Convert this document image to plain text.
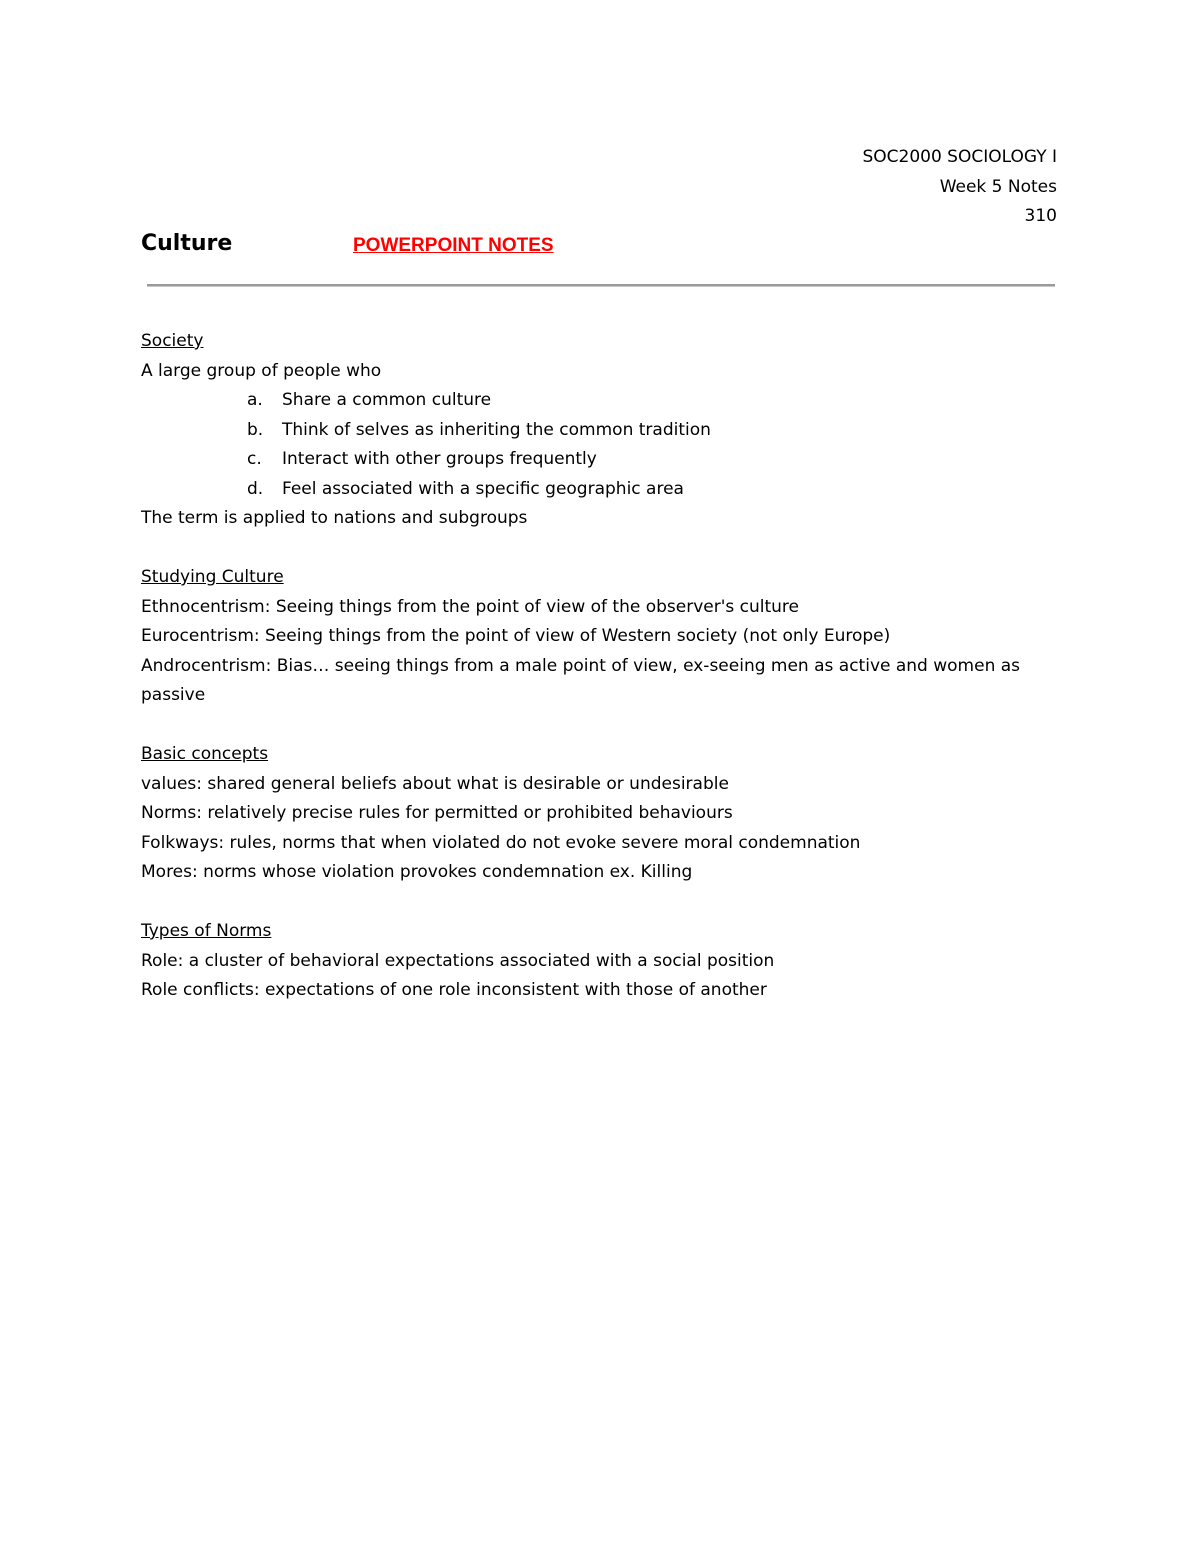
SOC2000 SOCIOLOGY I
Week 5 Notes
310
Culture	POWERPOINT NOTES
Society
A large group of people who
a.	Share a common culture
b.	Think of selves as inheriting the common tradition
c.	Interact with other groups frequently
d.	Feel associated with a specific geographic area
The term is applied to nations and subgroups
Studying Culture
Ethnocentrism: Seeing things from the point of view of the observer's culture
Eurocentrism: Seeing things from the point of view of Western society (not only Europe)
Androcentrism: Bias… seeing things from a male point of view, ex-seeing men as active and women as passive
Basic concepts
values: shared general beliefs about what is desirable or undesirable
Norms: relatively precise rules for permitted or prohibited behaviours
Folkways: rules, norms that when violated do not evoke severe moral condemnation
Mores: norms whose violation provokes condemnation ex. Killing
Types of Norms
Role: a cluster of behavioral expectations associated with a social position
Role conflicts: expectations of one role inconsistent with those of another
